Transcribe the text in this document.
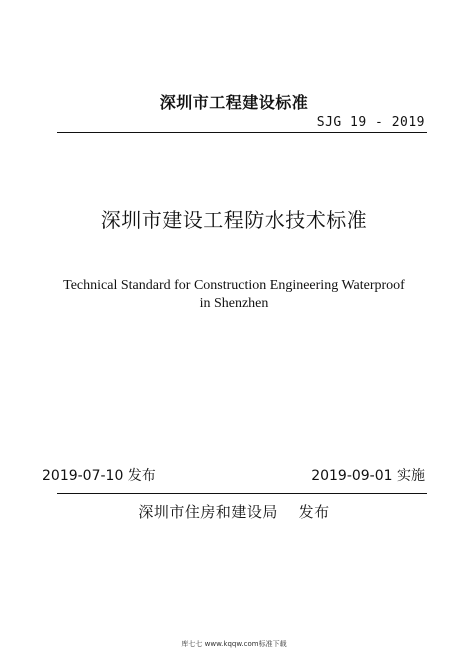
深圳市工程建设标准
SJG 19 - 2019
深圳市建设工程防水技术标准
Technical Standard for Construction Engineering Waterproof
in Shenzhen
2019-07-10 发布	2019-09-01 实施
深圳市住房和建设局　 发布
库七七 www.kqqw.com标准下载
